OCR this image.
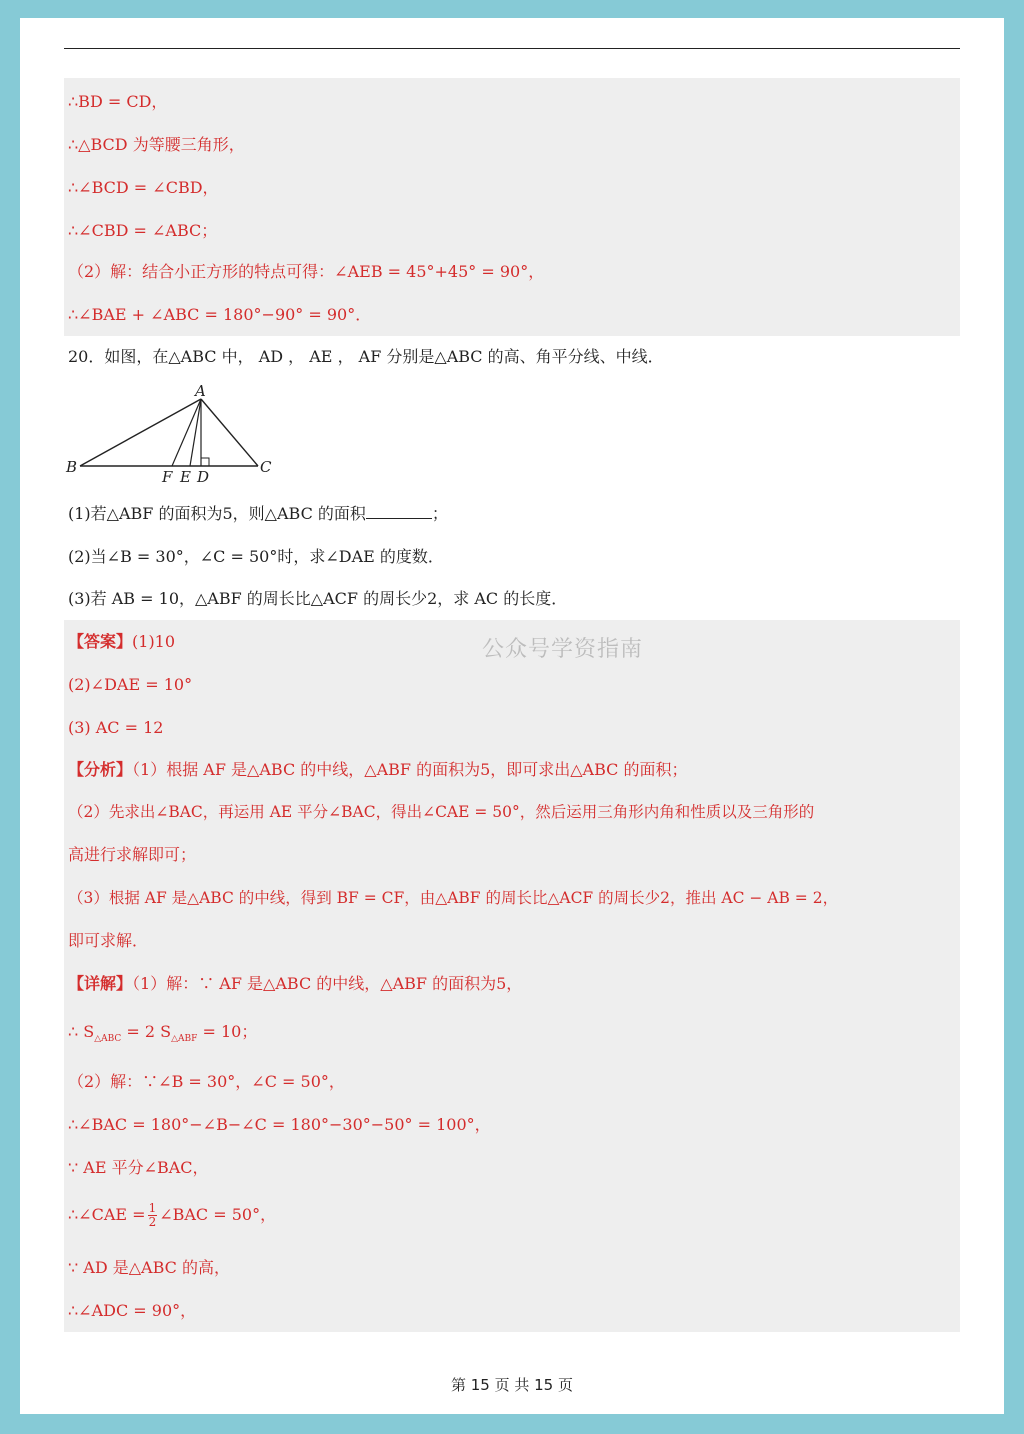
∴BD = CD，
∴△BCD 为等腰三角形，
∴∠BCD = ∠CBD，
∴∠CBD = ∠ABC；
（2）解：结合小正方形的特点可得：∠AEB = 45°+45° = 90°，
∴∠BAE + ∠ABC = 180°−90° = 90°．
20．如图，在△ABC 中， AD ， AE ， AF 分别是△ABC 的高、角平分线、中线．
A
B	C
F E D
(1)若△ABF 的面积为5，则△ABC 的面积	；
(2)当∠B = 30°，∠C = 50°时，求∠DAE 的度数．
(3)若 AB = 10，△ABF 的周长比△ACF 的周长少2，求 AC 的长度．
公众号学资指南
【答案】(1)10
(2)∠DAE = 10°
(3) AC = 12
【分析】（1）根据 AF 是△ABC 的中线，△ABF 的面积为5，即可求出△ABC 的面积；
（2）先求出∠BAC，再运用 AE 平分∠BAC，得出∠CAE = 50°，然后运用三角形内角和性质以及三角形的
高进行求解即可；
（3）根据 AF 是△ABC 的中线，得到 BF = CF，由△ABF 的周长比△ACF 的周长少2，推出 AC − AB = 2，
即可求解．
【详解】（1）解：∵ AF 是△ABC 的中线，△ABF 的面积为5，
∴ $S_{\triangle ABC} = 2$ $S_{\triangle ABF} = 10$；
（2）解：∵∠B = 30°，∠C = 50°，
∴∠BAC = 180°−∠B−∠C = 180°−30°−50° = 100°，
∵ AE 平分∠BAC，
∴∠CAE = $\frac{1}{2}$ ∠BAC = 50°，
∵ AD 是△ABC 的高，
∴∠ADC = 90°，
第 15 页 共 15 页
